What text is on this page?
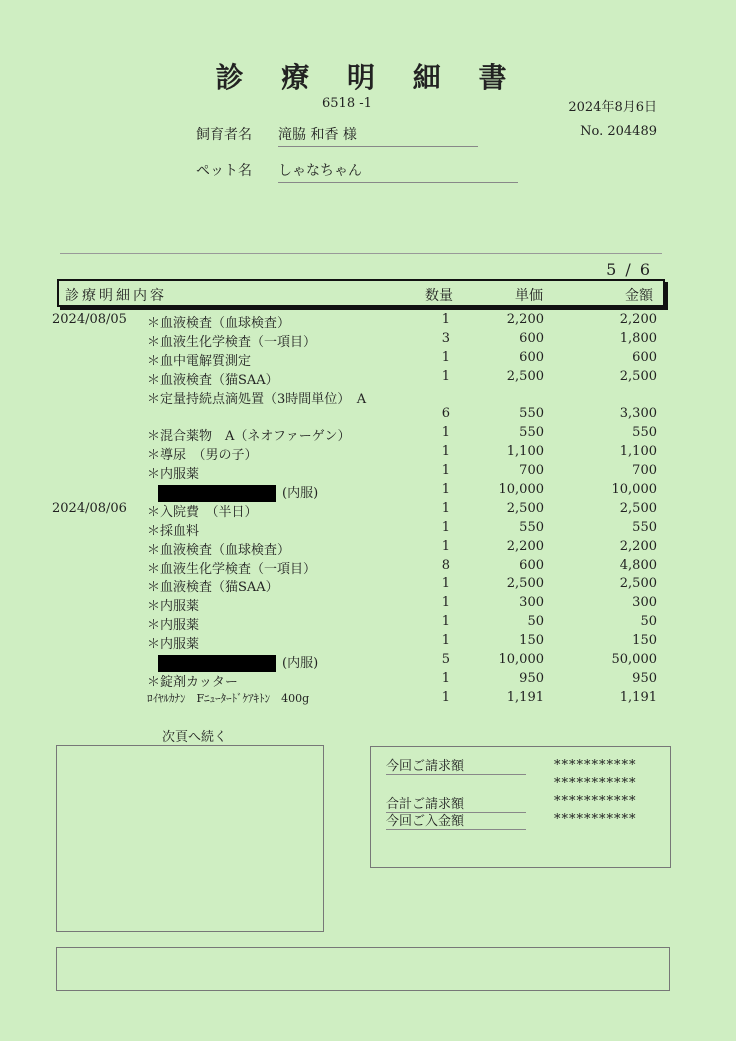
診 療 明 細 書
6518 -1	2024年8月6日
No. 204489
飼育者名 滝脇 和香 様
ペット名 しゃなちゃん
5 / 6
診療明細内容	数量	単価	金額
2024/08/05 ＊血液検査（血球検査）	1	2,200	2,200
＊血液生化学検査（一項目）	3	600	1,800
＊血中電解質測定	1	600	600
＊血液検査（猫SAA）	1	2,500	2,500
＊定量持続点滴処置（3時間単位）　A
6	550	3,300
＊混合薬物　A（ネオファーゲン）	1	550	550
＊導尿　（男の子）	1	1,100	1,100
＊内服薬	1	700	700
(内服)	1	10,000	10,000
2024/08/06 ＊入院費　（半日）	1	2,500	2,500
＊採血料	1	550	550
＊血液検査（血球検査）	1	2,200	2,200
＊血液生化学検査（一項目）	8	600	4,800
＊血液検査（猫SAA）	1	2,500	2,500
＊内服薬	1	300	300
＊内服薬	1	50	50
＊内服薬	1	150	150
(内服)	5	10,000	50,000
＊錠剤カッター	1	950	950
ﾛｲﾔﾙｶﾅﾝ　Fﾆｭｰﾀｰﾄﾞｹｱｷﾄﾝ　400g	1	1,191	1,191
次頁へ続く
今回ご請求額	***********
***********
合計ご請求額	***********
今回ご入金額	***********
